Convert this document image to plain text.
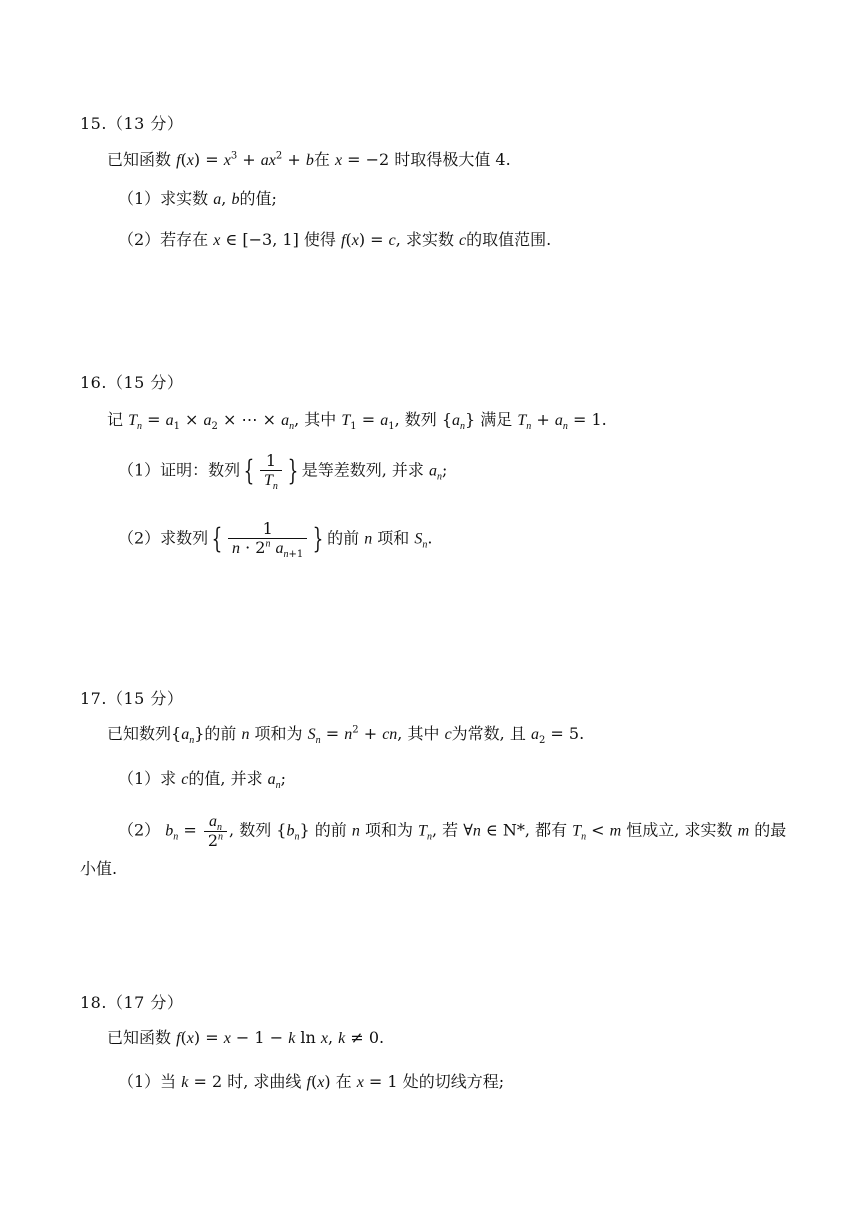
15.（13 分）
已知函数 $f(x) = x^3 + ax^2 + b$在 x = −2 时取得极大值 4.
（1）求实数 a, b的值;
（2）若存在 x ∈ [−3, 1] 使得 f(x) = c, 求实数 c的取值范围.
16.（15 分）
记 $T_n = a_1 \times a_2$ × ⋯ × $a_n$, 其中 $T_1 = a_1$, 数列 $\{a_n\}$ 满足 $T_n + a_n = 1$.
（1）证明：数列 { $\frac{1}{T_n}$ } 是等差数列, 并求 $a_n$;
（2）求数列 { $\frac{1}{n \cdot 2^n a_{n+1}}$ } 的前 n 项和 $S_n$.
17.（15 分）
已知数列$\{a_n\}$的前 n 项和为 $S_n = n^2$ + cn, 其中 c为常数, 且 $a_2 = 5$.
（1）求 c的值, 并求 $a_n$;
（2） $b_n = \frac{a_n}{2^n}$ , 数列 $\{b_n\}$ 的前 n 项和为 $T_n$, 若 ∀n ∈ N*, 都有 $T_n < m$ 恒成立, 求实数 m 的最
小值.
18.（17 分）
已知函数 f(x) = x − 1 − k ln x, k ≠ 0.
（1）当 k = 2 时, 求曲线 f(x) 在 x = 1 处的切线方程;
